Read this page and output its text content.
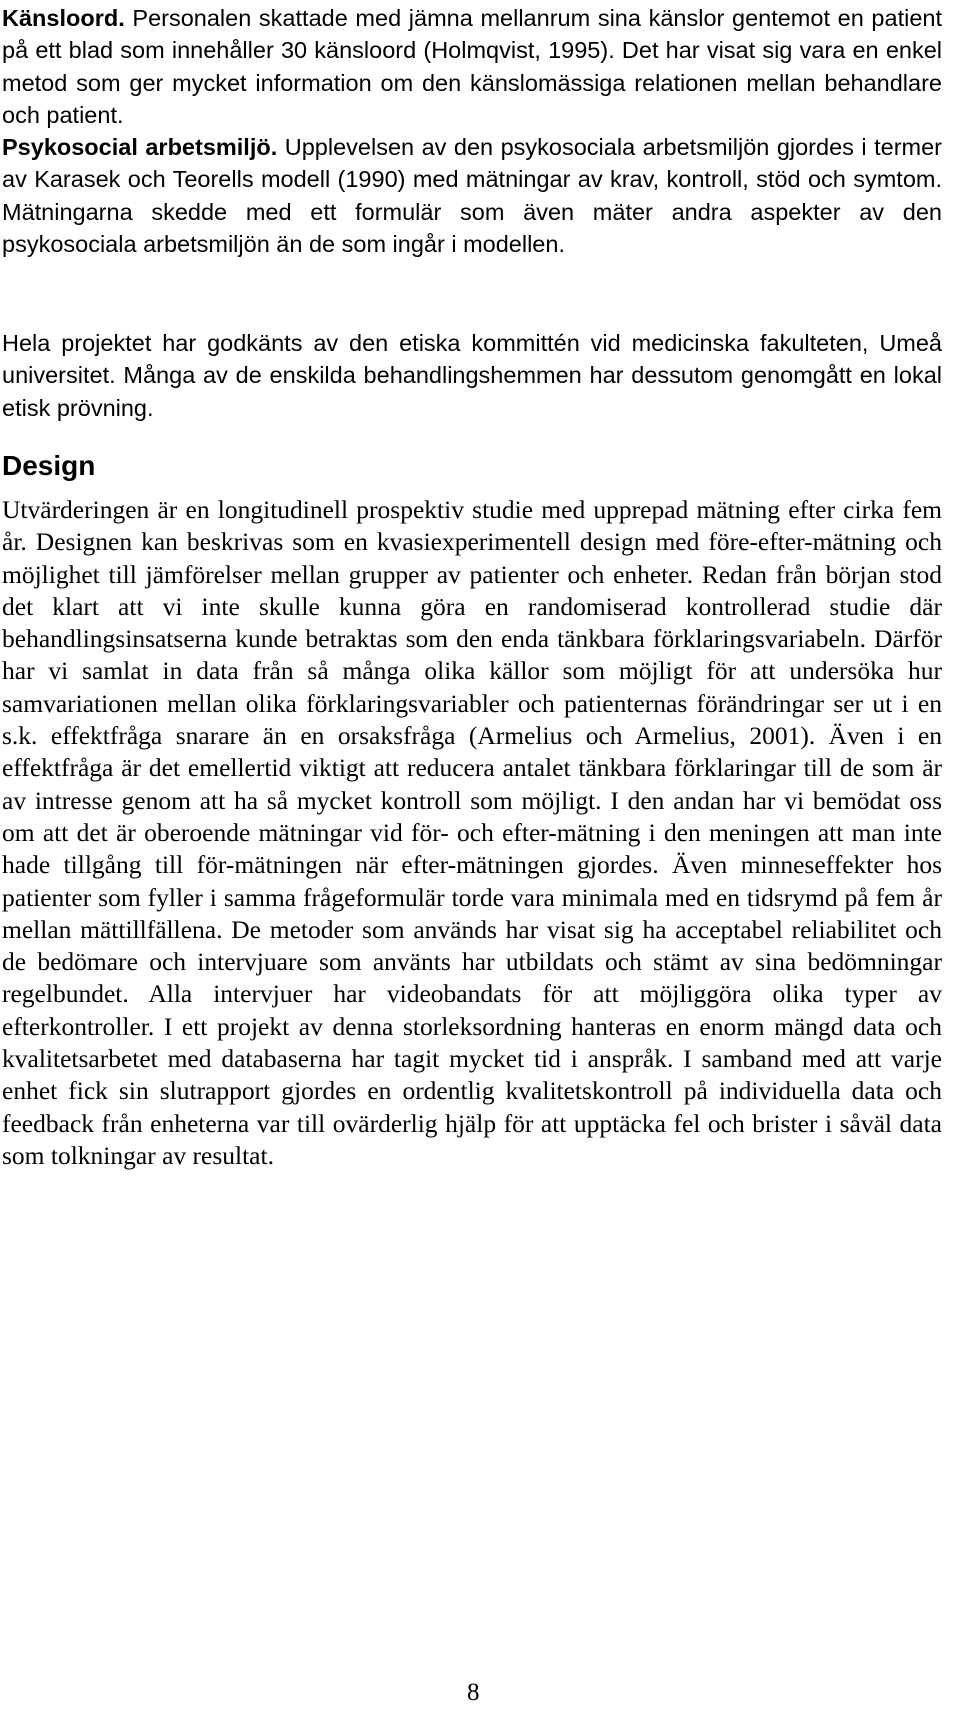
Känsloord. Personalen skattade med jämna mellanrum sina känslor gentemot en patient på ett blad som innehåller 30 känsloord (Holmqvist, 1995). Det har visat sig vara en enkel metod som ger mycket information om den känslomässiga relationen mellan behandlare och patient.

Psykosocial arbetsmiljö. Upplevelsen av den psykosociala arbetsmiljön gjordes i termer av Karasek och Teorells modell (1990) med mätningar av krav, kontroll, stöd och symtom. Mätningarna skedde med ett formulär som även mäter andra aspekter av den psykosociala arbetsmiljön än de som ingår i modellen.

Hela projektet har godkänts av den etiska kommittén vid medicinska fakulteten, Umeå universitet. Många av de enskilda behandlingshemmen har dessutom genomgått en lokal etisk prövning.

Design

Utvärderingen är en longitudinell prospektiv studie med upprepad mätning efter cirka fem år. Designen kan beskrivas som en kvasiexperimentell design med före-efter-mätning och möjlighet till jämförelser mellan grupper av patienter och enheter. Redan från början stod det klart att vi inte skulle kunna göra en randomiserad kontrollerad studie där behandlingsinsatserna kunde betraktas som den enda tänkbara förklaringsvariabeln. Därför har vi samlat in data från så många olika källor som möjligt för att undersöka hur samvariationen mellan olika förklaringsvariabler och patienternas förändringar ser ut i en s.k. effektfråga snarare än en orsaksfråga (Armelius och Armelius, 2001). Även i en effektfråga är det emellertid viktigt att reducera antalet tänkbara förklaringar till de som är av intresse genom att ha så mycket kontroll som möjligt. I den andan har vi bemödat oss om att det är oberoende mätningar vid för- och efter-mätning i den meningen att man inte hade tillgång till för-mätningen när efter-mätningen gjordes. Även minneseffekter hos patienter som fyller i samma frågeformulär torde vara minimala med en tidsrymd på fem år mellan mättillfällena. De metoder som används har visat sig ha acceptabel reliabilitet och de bedömare och intervjuare som använts har utbildats och stämt av sina bedömningar regelbundet. Alla intervjuer har videobandats för att möjliggöra olika typer av efterkontroller. I ett projekt av denna storleksordning hanteras en enorm mängd data och kvalitetsarbetet med databaserna har tagit mycket tid i anspråk. I samband med att varje enhet fick sin slutrapport gjordes en ordentlig kvalitetskontroll på individuella data och feedback från enheterna var till ovärderlig hjälp för att upptäcka fel och brister i såväl data som tolkningar av resultat.

8
